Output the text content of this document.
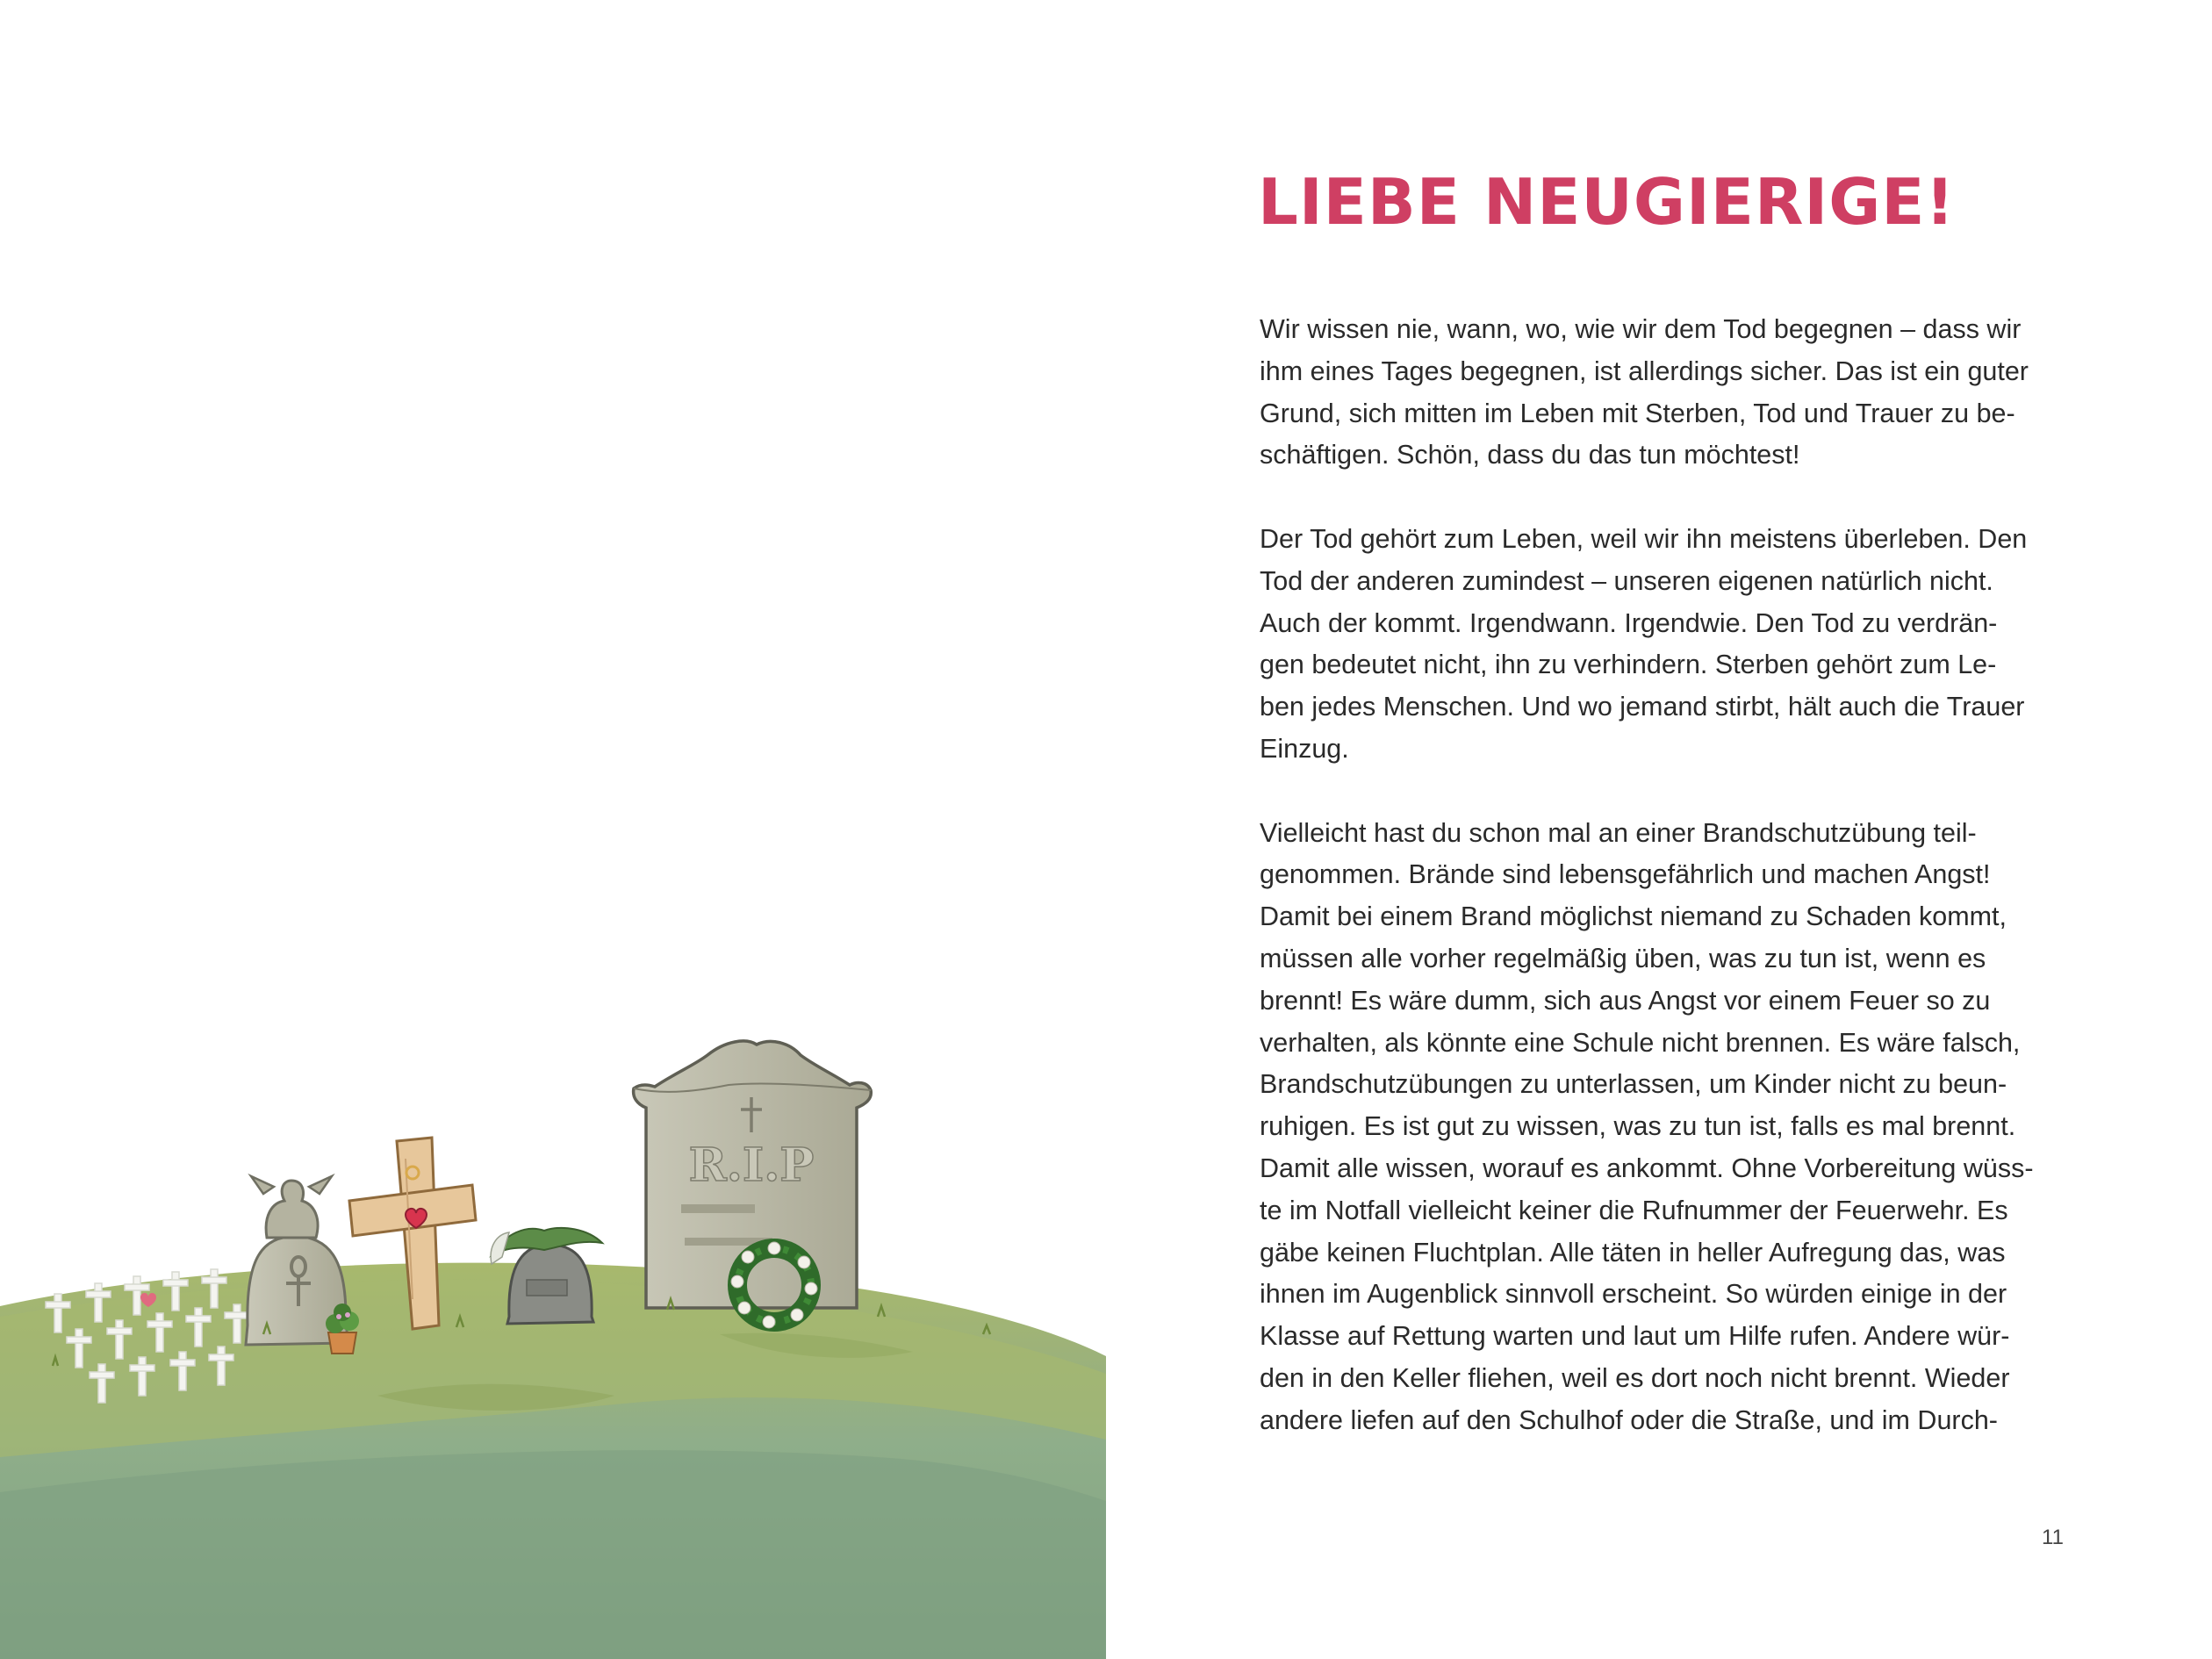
R.I.P
LIEBE NEUGIERIGE!

Wir wissen nie, wann, wo, wie wir dem Tod begegnen – dass wir
ihm eines Tages begegnen, ist allerdings sicher. Das ist ein guter
Grund, sich mitten im Leben mit Sterben, Tod und Trauer zu be-
schäftigen. Schön, dass du das tun möchtest!

Der Tod gehört zum Leben, weil wir ihn meistens überleben. Den
Tod der anderen zumindest – unseren eigenen natürlich nicht.
Auch der kommt. Irgendwann. Irgendwie. Den Tod zu verdrän-
gen bedeutet nicht, ihn zu verhindern. Sterben gehört zum Le-
ben jedes Menschen. Und wo jemand stirbt, hält auch die Trauer
Einzug.

Vielleicht hast du schon mal an einer Brandschutzübung teil-
genommen. Brände sind lebensgefährlich und machen Angst!
Damit bei einem Brand möglichst niemand zu Schaden kommt,
müssen alle vorher regelmäßig üben, was zu tun ist, wenn es
brennt! Es wäre dumm, sich aus Angst vor einem Feuer so zu
verhalten, als könnte eine Schule nicht brennen. Es wäre falsch,
Brandschutzübungen zu unterlassen, um Kinder nicht zu beun-
ruhigen. Es ist gut zu wissen, was zu tun ist, falls es mal brennt.
Damit alle wissen, worauf es ankommt. Ohne Vorbereitung wüss-
te im Notfall vielleicht keiner die Rufnummer der Feuerwehr. Es
gäbe keinen Fluchtplan. Alle täten in heller Aufregung das, was
ihnen im Augenblick sinnvoll erscheint. So würden einige in der
Klasse auf Rettung warten und laut um Hilfe rufen. Andere wür-
den in den Keller fliehen, weil es dort noch nicht brennt. Wieder
andere liefen auf den Schulhof oder die Straße, und im Durch-

11
